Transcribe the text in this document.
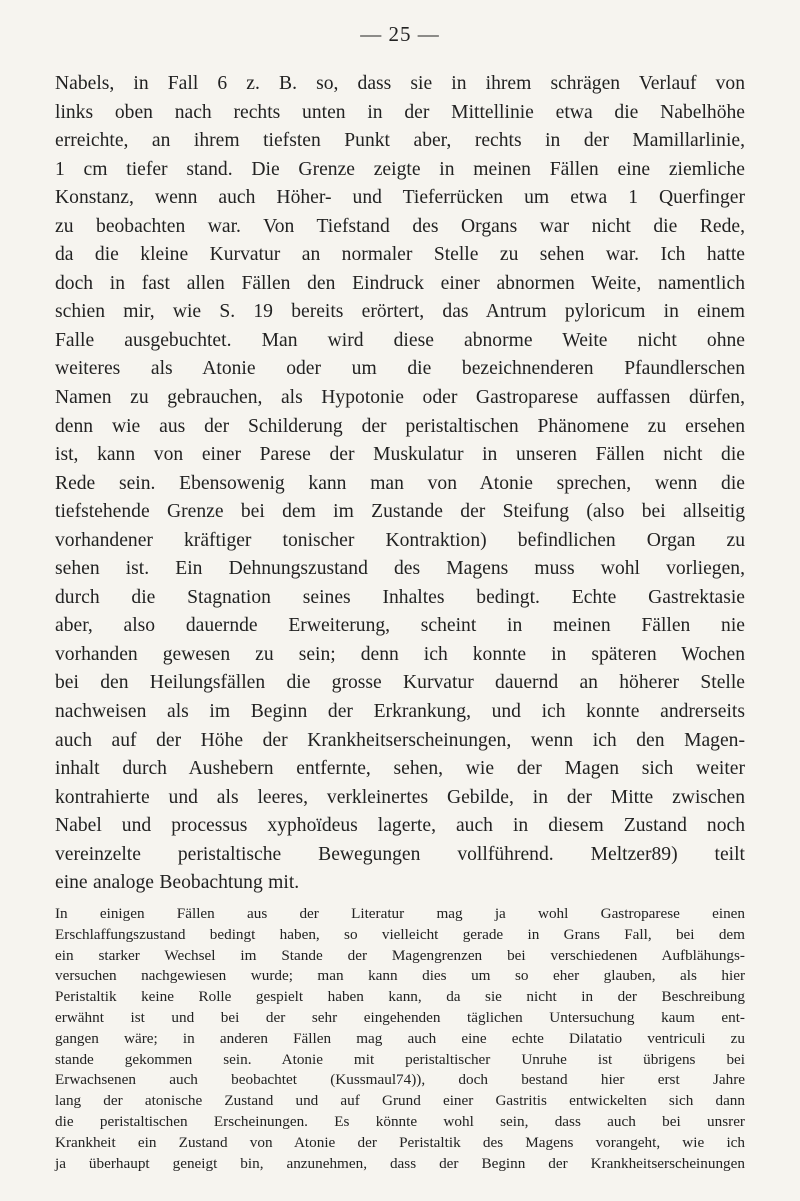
— 25 —
Nabels, in Fall 6 z. B. so, dass sie in ihrem schrägen Verlauf von
links oben nach rechts unten in der Mittellinie etwa die Nabelhöhe
erreichte, an ihrem tiefsten Punkt aber, rechts in der Mamillarlinie,
1 cm tiefer stand. Die Grenze zeigte in meinen Fällen eine ziemliche
Konstanz, wenn auch Höher- und Tieferrücken um etwa 1 Querfinger
zu beobachten war. Von Tiefstand des Organs war nicht die Rede,
da die kleine Kurvatur an normaler Stelle zu sehen war. Ich hatte
doch in fast allen Fällen den Eindruck einer abnormen Weite, namentlich
schien mir, wie S. 19 bereits erörtert, das Antrum pyloricum in einem
Falle ausgebuchtet. Man wird diese abnorme Weite nicht ohne
weiteres als Atonie oder um die bezeichnenderen Pfaundlerschen
Namen zu gebrauchen, als Hypotonie oder Gastroparese auffassen dürfen,
denn wie aus der Schilderung der peristaltischen Phänomene zu ersehen
ist, kann von einer Parese der Muskulatur in unseren Fällen nicht die
Rede sein. Ebensowenig kann man von Atonie sprechen, wenn die
tiefstehende Grenze bei dem im Zustande der Steifung (also bei allseitig
vorhandener kräftiger tonischer Kontraktion) befindlichen Organ zu
sehen ist. Ein Dehnungszustand des Magens muss wohl vorliegen,
durch die Stagnation seines Inhaltes bedingt. Echte Gastrektasie
aber, also dauernde Erweiterung, scheint in meinen Fällen nie
vorhanden gewesen zu sein; denn ich konnte in späteren Wochen
bei den Heilungsfällen die grosse Kurvatur dauernd an höherer Stelle
nachweisen als im Beginn der Erkrankung, und ich konnte andrerseits
auch auf der Höhe der Krankheitserscheinungen, wenn ich den Magen-
inhalt durch Aushebern entfernte, sehen, wie der Magen sich weiter
kontrahierte und als leeres, verkleinertes Gebilde, in der Mitte zwischen
Nabel und processus xyphoïdeus lagerte, auch in diesem Zustand noch
vereinzelte peristaltische Bewegungen vollführend. Meltzer89) teilt
eine analoge Beobachtung mit.
In einigen Fällen aus der Literatur mag ja wohl Gastroparese einen
Erschlaffungszustand bedingt haben, so vielleicht gerade in Grans Fall, bei dem
ein starker Wechsel im Stande der Magengrenzen bei verschiedenen Aufblähungs-
versuchen nachgewiesen wurde; man kann dies um so eher glauben, als hier
Peristaltik keine Rolle gespielt haben kann, da sie nicht in der Beschreibung
erwähnt ist und bei der sehr eingehenden täglichen Untersuchung kaum ent-
gangen wäre; in anderen Fällen mag auch eine echte Dilatatio ventriculi zu
stande gekommen sein. Atonie mit peristaltischer Unruhe ist übrigens bei
Erwachsenen auch beobachtet (Kussmaul74)), doch bestand hier erst Jahre
lang der atonische Zustand und auf Grund einer Gastritis entwickelten sich dann
die peristaltischen Erscheinungen. Es könnte wohl sein, dass auch bei unsrer
Krankheit ein Zustand von Atonie der Peristaltik des Magens vorangeht, wie ich
ja überhaupt geneigt bin, anzunehmen, dass der Beginn der Krankheitserscheinungen
